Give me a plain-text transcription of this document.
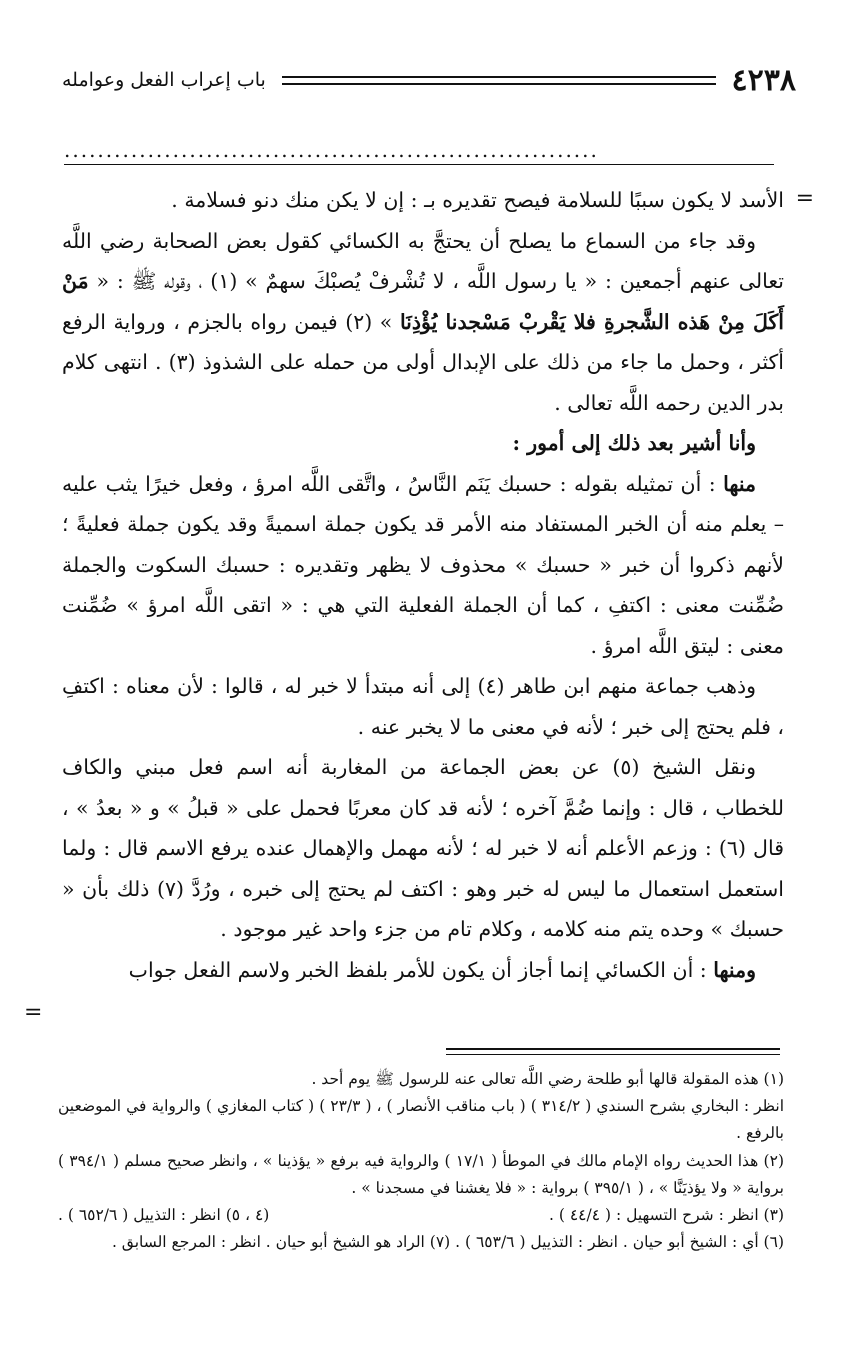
٤٢٣٨
باب إعراب الفعل وعوامله
................................................................
=
=

الأسد لا يكون سببًا للسلامة فيصح تقديره بـ : إن لا يكن منك دنو فسلامة .

وقد جاء من السماع ما يصلح أن يحتجَّ به الكسائي كقول بعض الصحابة رضي اللَّه تعالى عنهم أجمعين : « يا رسول اللَّه ، لا تُشْرفْ يُصبْكَ سهمٌ » (١) ، وقوله ﷺ : « مَنْ أَكَلَ مِنْ هَذه الشَّجرةِ فلا يَقْربْ مَسْجدنا يُؤْذِنَا » (٢) فيمن رواه بالجزم ، ورواية الرفع أكثر ، وحمل ما جاء من ذلك على الإبدال أولى من حمله على الشذوذ (٣) . انتهى كلام بدر الدين رحمه اللَّه تعالى .

وأنا أشير بعد ذلك إلى أمور :

منها : أن تمثيله بقوله : حسبك يَنَم النَّاسُ ، واتَّقى اللَّه امرؤ ، وفعل خيرًا يثب عليه – يعلم منه أن الخبر المستفاد منه الأمر قد يكون جملة اسميةً وقد يكون جملة فعليةً ؛ لأنهم ذكروا أن خبر « حسبك » محذوف لا يظهر وتقديره : حسبك السكوت والجملة ضُمِّنت معنى : اكتفِ ، كما أن الجملة الفعلية التي هي : « اتقى اللَّه امرؤ » ضُمِّنت معنى : ليتق اللَّه امرؤ .

وذهب جماعة منهم ابن طاهر (٤) إلى أنه مبتدأ لا خبر له ، قالوا : لأن معناه : اكتفِ ، فلم يحتج إلى خبر ؛ لأنه في معنى ما لا يخبر عنه .

ونقل الشيخ (٥) عن بعض الجماعة من المغاربة أنه اسم فعل مبني والكاف للخطاب ، قال : وإنما ضُمَّ آخره ؛ لأنه قد كان معربًا فحمل على « قبلُ » و « بعدُ » ، قال (٦) : وزعم الأعلم أنه لا خبر له ؛ لأنه مهمل والإهمال عنده يرفع الاسم قال : ولما استعمل استعمال ما ليس له خبر وهو : اكتف لم يحتج إلى خبره ، ورُدَّ (٧) ذلك بأن « حسبك » وحده يتم منه كلامه ، وكلام تام من جزء واحد غير موجود .

ومنها : أن الكسائي إنما أجاز أن يكون للأمر بلفظ الخبر ولاسم الفعل جواب

(١) هذه المقولة قالها أبو طلحة رضي اللَّه تعالى عنه للرسول ﷺ يوم أحد .

انظر : البخاري بشرح السندي ( ٣١٤/٢ ) ( باب مناقب الأنصار ) ، ( ٢٣/٣ ) ( كتاب المغازي ) والرواية في الموضعين بالرفع .

(٢) هذا الحديث رواه الإمام مالك في الموطأ ( ١٧/١ ) والرواية فيه برفع « يؤذينا » ، وانظر صحيح مسلم ( ٣٩٤/١ ) برواية « ولا يؤذيَنَّا » ، ( ٣٩٥/١ ) برواية : « فلا يغشنا في مسجدنا » .

(٣) انظر : شرح التسهيل : ( ٤٤/٤ ) .
(٤ ، ٥) انظر : التذييل ( ٦٥٢/٦ ) .

(٦) أي : الشيخ أبو حيان . انظر : التذييل ( ٦٥٣/٦ ) . (٧) الراد هو الشيخ أبو حيان . انظر : المرجع السابق .
